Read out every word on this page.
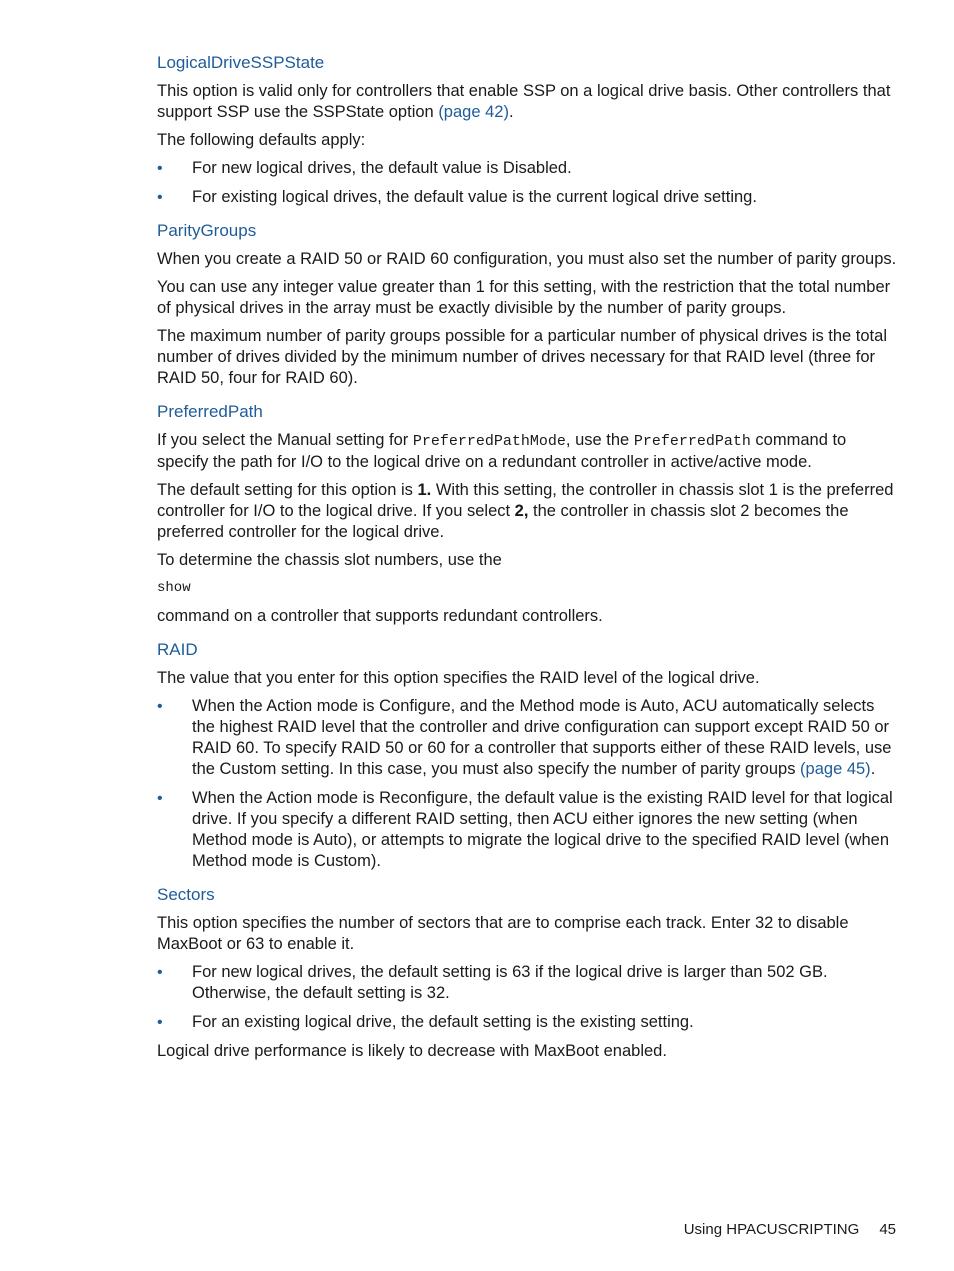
LogicalDriveSSPState

This option is valid only for controllers that enable SSP on a logical drive basis. Other controllers that support SSP use the SSPState option (page 42).

The following defaults apply:

• For new logical drives, the default value is Disabled.
• For existing logical drives, the default value is the current logical drive setting.
ParityGroups

When you create a RAID 50 or RAID 60 configuration, you must also set the number of parity groups.

You can use any integer value greater than 1 for this setting, with the restriction that the total number of physical drives in the array must be exactly divisible by the number of parity groups.

The maximum number of parity groups possible for a particular number of physical drives is the total number of drives divided by the minimum number of drives necessary for that RAID level (three for RAID 50, four for RAID 60).

PreferredPath

If you select the Manual setting for PreferredPathMode, use the PreferredPath command to specify the path for I/O to the logical drive on a redundant controller in active/active mode.

The default setting for this option is 1. With this setting, the controller in chassis slot 1 is the preferred controller for I/O to the logical drive. If you select 2, the controller in chassis slot 2 becomes the preferred controller for the logical drive.

To determine the chassis slot numbers, use the

show

command on a controller that supports redundant controllers.

RAID

The value that you enter for this option specifies the RAID level of the logical drive.

• When the Action mode is Configure, and the Method mode is Auto, ACU automatically selects the highest RAID level that the controller and drive configuration can support except RAID 50 or RAID 60. To specify RAID 50 or 60 for a controller that supports either of these RAID levels, use the Custom setting. In this case, you must also specify the number of parity groups (page 45).
• When the Action mode is Reconfigure, the default value is the existing RAID level for that logical drive. If you specify a different RAID setting, then ACU either ignores the new setting (when Method mode is Auto), or attempts to migrate the logical drive to the specified RAID level (when Method mode is Custom).
Sectors

This option specifies the number of sectors that are to comprise each track. Enter 32 to disable MaxBoot or 63 to enable it.

• For new logical drives, the default setting is 63 if the logical drive is larger than 502 GB. Otherwise, the default setting is 32.
• For an existing logical drive, the default setting is the existing setting.

Logical drive performance is likely to decrease with MaxBoot enabled.

Using HPACUSCRIPTING 45
